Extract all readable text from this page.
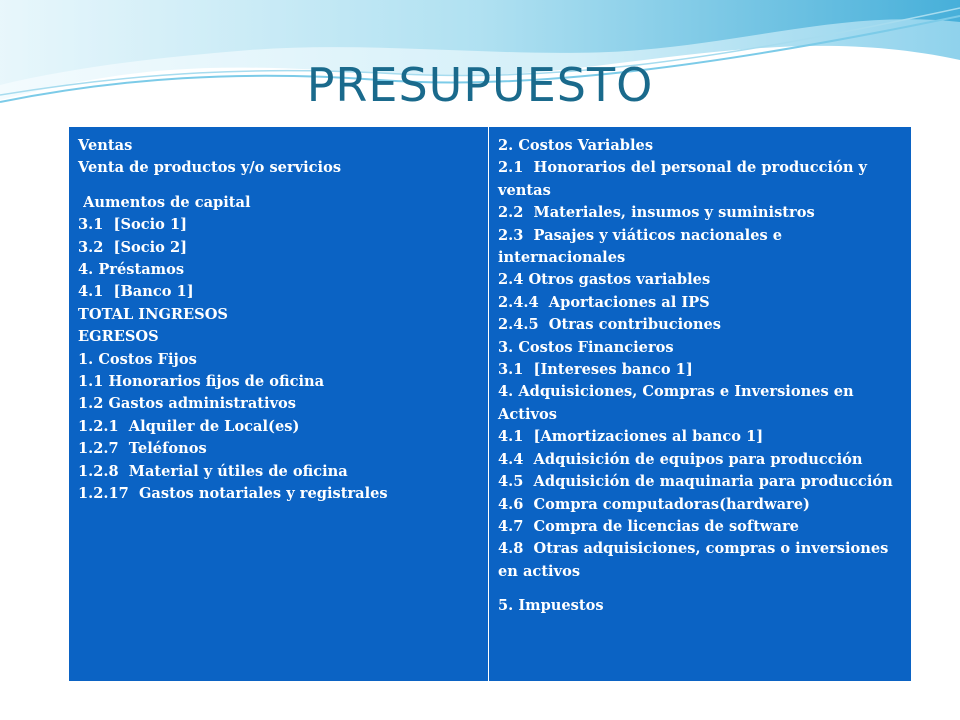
PRESUPUESTO
Ventas
Venta de productos y/o servicios
Aumentos de capital
3.1  [Socio 1]
3.2  [Socio 2]
4. Préstamos
4.1  [Banco 1]
TOTAL INGRESOS
EGRESOS
1. Costos Fijos
1.1 Honorarios fijos de oficina
1.2 Gastos administrativos
1.2.1  Alquiler de Local(es)
1.2.7  Teléfonos
1.2.8  Material y útiles de oficina
1.2.17  Gastos notariales y registrales
2. Costos Variables
2.1  Honorarios del personal de producción y ventas
2.2  Materiales, insumos y suministros
2.3  Pasajes y viáticos nacionales e internacionales
2.4 Otros gastos variables
2.4.4  Aportaciones al IPS
2.4.5  Otras contribuciones
3. Costos Financieros
3.1  [Intereses banco 1]
4. Adquisiciones, Compras e Inversiones en Activos
4.1  [Amortizaciones al banco 1]
4.4  Adquisición de equipos para producción
4.5  Adquisición de maquinaria para producción
4.6  Compra computadoras(hardware)
4.7  Compra de licencias de software
4.8  Otras adquisiciones, compras o inversiones en activos
5. Impuestos
